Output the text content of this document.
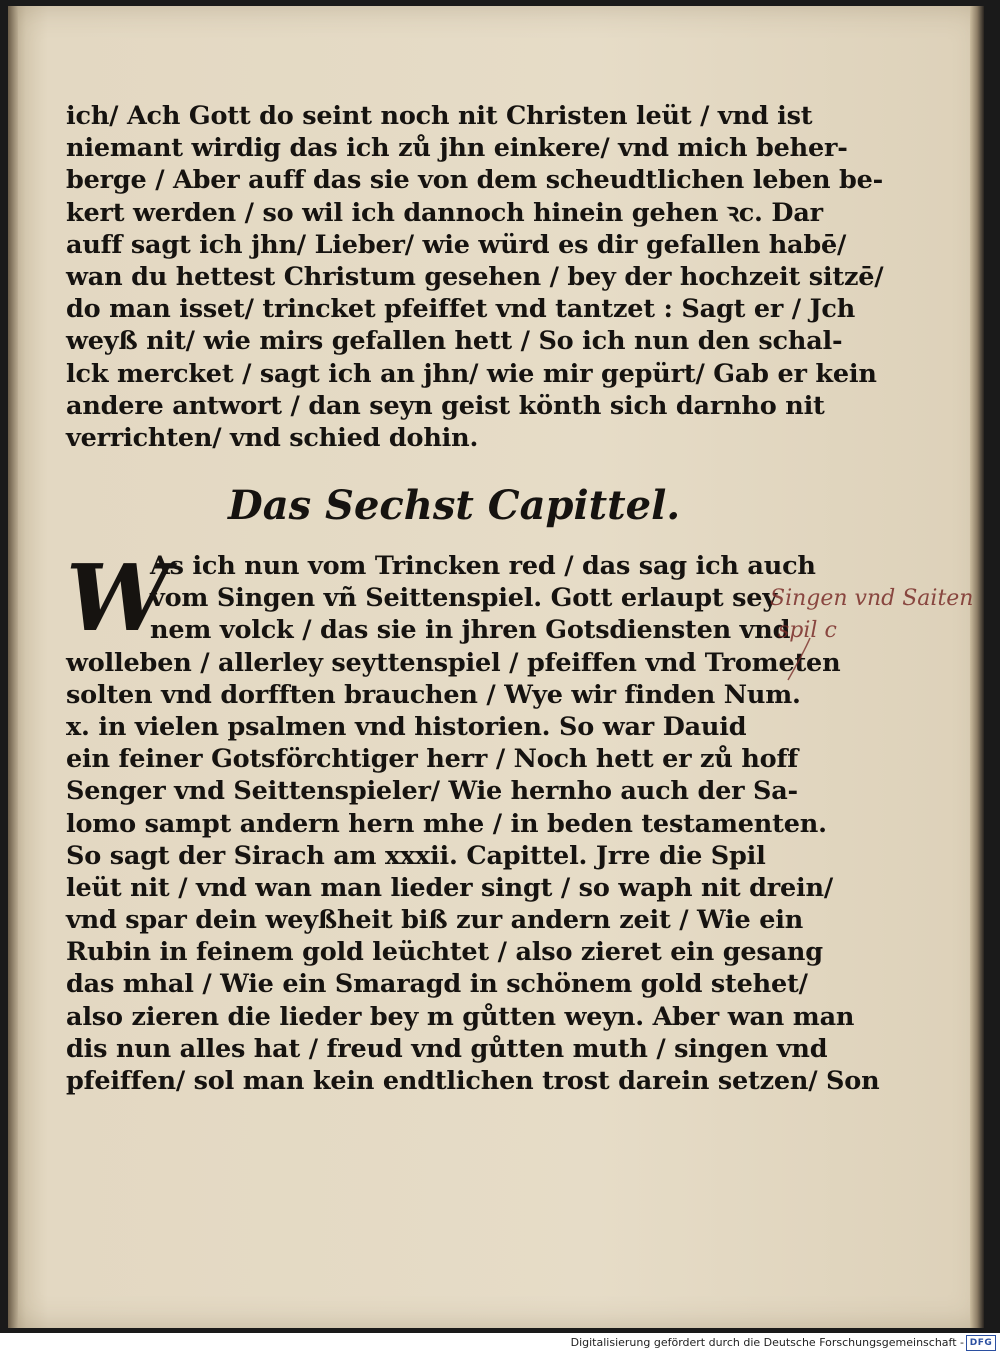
ich/ Ach Gott do seint noch nit Christen leüt / vnd ist
niemant wirdig das ich zů jhn einkere/ vnd mich beher-
berge / Aber auff das sie von dem scheudtlichen leben be-
kert werden / so wil ich dannoch hinein gehen ꝛc. Dar
auff sagt ich jhn/ Lieber/ wie würd es dir gefallen habē/
wan du hettest Christum gesehen / bey der hochzeit sitzē/
do man isset/ trincket pfeiffet vnd tantzet : Sagt er / Jch
weyß nit/ wie mirs gefallen hett / So ich nun den schal-
lck mercket / sagt ich an jhn/ wie mir gepürt/ Gab er kein
andere antwort / dan seyn geist könth sich darnho nit
verrichten/ vnd schied dohin.
Das Sechst Capittel.
W
As ich nun vom Trincken red / das sag ich auch
vom Singen vñ Seittenspiel. Gott erlaupt sey
nem volck / das sie in jhren Gotsdiensten vnd
wolleben / allerley seyttenspiel / pfeiffen vnd Trometen
solten vnd dorfften brauchen / Wye wir finden Num.
x. in vielen psalmen vnd historien. So war Dauid
ein feiner Gotsförchtiger herr / Noch hett er zů hoff
Senger vnd Seittenspieler/ Wie hernho auch der Sa-
lomo sampt andern hern mhe / in beden testamenten.
So sagt der Sirach am xxxii. Capittel. Jrre die Spil
leüt nit / vnd wan man lieder singt / so waph nit drein/
vnd spar dein weyßheit biß zur andern zeit / Wie ein
Rubin in feinem gold leüchtet / also zieret ein gesang
das mhal / Wie ein Smaragd in schönem gold stehet/
also zieren die lieder bey m gůtten weyn. Aber wan man
dis nun alles hat / freud vnd gůtten muth / singen vnd
pfeiffen/ sol man kein endtlichen trost darein setzen/ Son
Singen vnd Saiten
spil c
Digitalisierung gefördert durch die Deutsche Forschungsgemeinschaft - DFG
